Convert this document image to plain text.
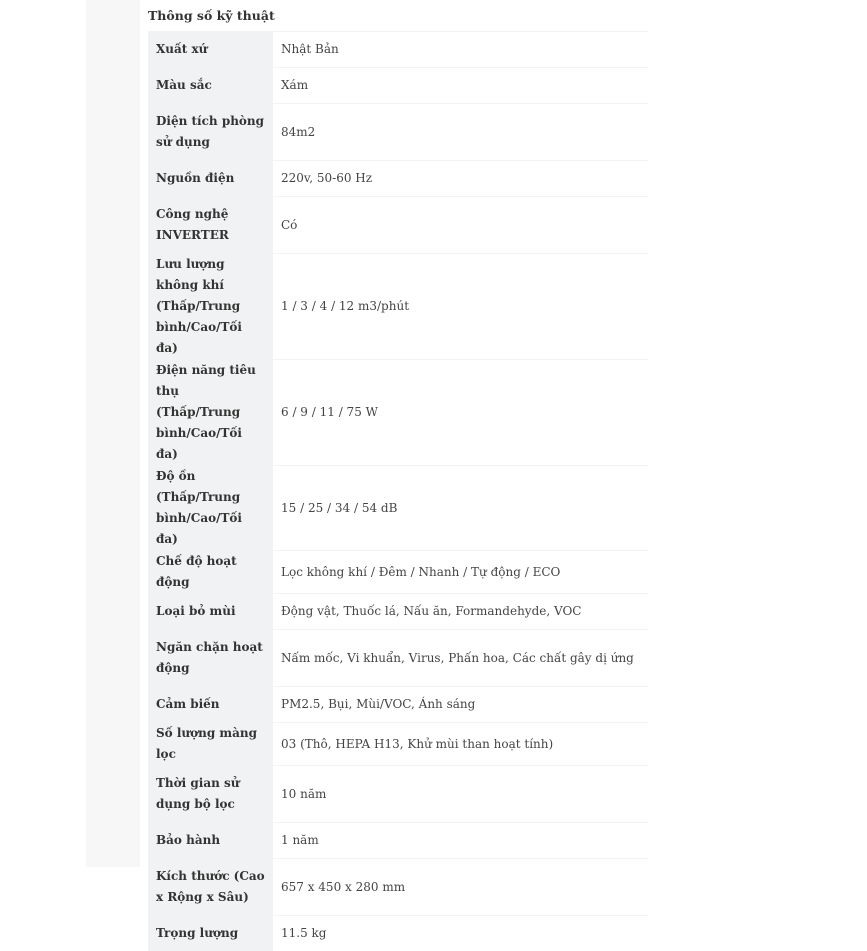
Thông số kỹ thuật
Xuất xứ	Nhật Bản
Màu sắc	Xám
Diện tích phòng sử dụng	84m2
Nguồn điện	220v, 50-60 Hz
Công nghệ INVERTER	Có
Lưu lượng không khí (Thấp/Trung bình/Cao/Tối đa)	1 / 3 / 4 / 12 m3/phút
Điện năng tiêu thụ (Thấp/Trung bình/Cao/Tối đa)	6 / 9 / 11 / 75 W
Độ ồn (Thấp/Trung bình/Cao/Tối đa)	15 / 25 / 34 / 54 dB
Chế độ hoạt động	Lọc không khí / Đêm / Nhanh / Tự động / ECO
Loại bỏ mùi	Động vật, Thuốc lá, Nấu ăn, Formandehyde, VOC
Ngăn chặn hoạt động	Nấm mốc, Vi khuẩn, Virus, Phấn hoa, Các chất gây dị ứng
Cảm biến	PM2.5, Bụi, Mùi/VOC, Ánh sáng
Số lượng màng lọc	03 (Thô, HEPA H13, Khử mùi than hoạt tính)
Thời gian sử dụng bộ lọc	10 năm
Bảo hành	1 năm
Kích thước (Cao x Rộng x Sâu)	657 x 450 x 280 mm
Trọng lượng	11.5 kg
